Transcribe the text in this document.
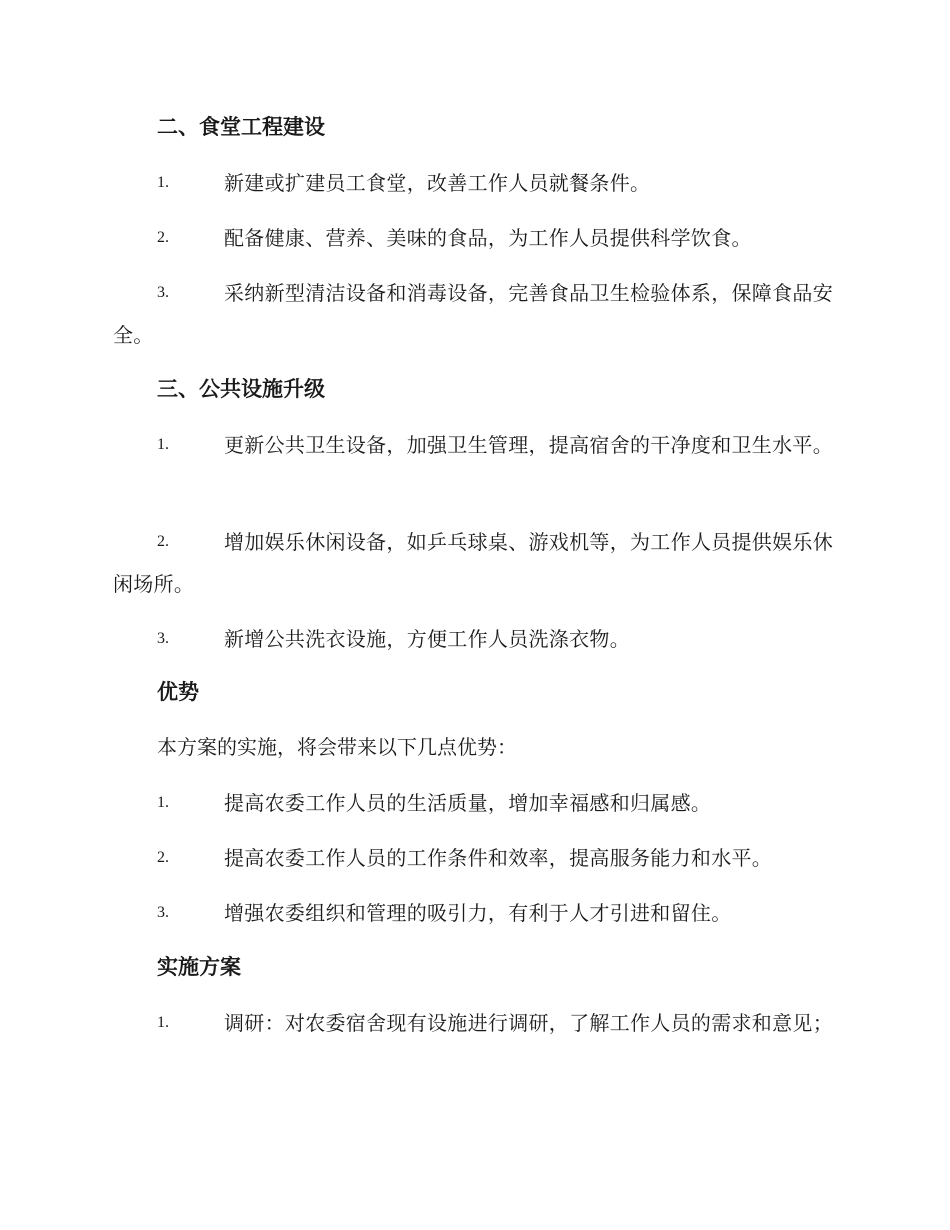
二、食堂工程建设
1.	新建或扩建员工食堂，改善工作人员就餐条件。
2.	配备健康、营养、美味的食品，为工作人员提供科学饮食。
3.	采纳新型清洁设备和消毒设备，完善食品卫生检验体系，保障食品安全。
三、公共设施升级
1.	更新公共卫生设备，加强卫生管理，提高宿舍的干净度和卫生水平。
2.	增加娱乐休闲设备，如乒乓球桌、游戏机等，为工作人员提供娱乐休闲场所。
3.	新增公共洗衣设施，方便工作人员洗涤衣物。
优势
本方案的实施，将会带来以下几点优势：
1.	提高农委工作人员的生活质量，增加幸福感和归属感。
2.	提高农委工作人员的工作条件和效率，提高服务能力和水平。
3.	增强农委组织和管理的吸引力，有利于人才引进和留住。
实施方案
1.	调研：对农委宿舍现有设施进行调研，了解工作人员的需求和意见；
